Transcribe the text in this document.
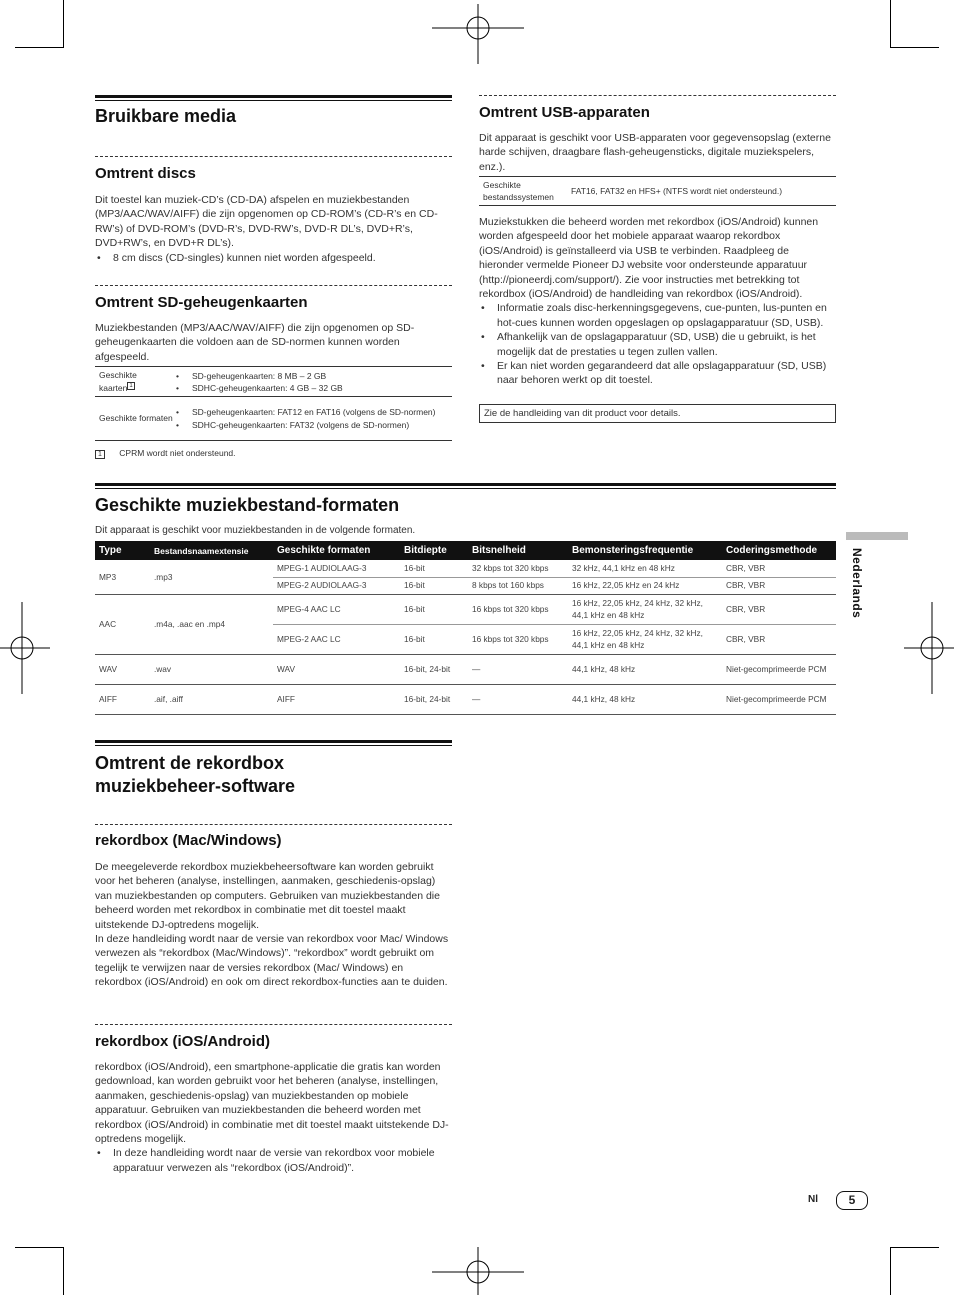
Bruikbare media
Omtrent discs

Dit toestel kan muziek-CD’s (CD-DA) afspelen en muziekbestanden (MP3/AAC/WAV/AIFF) die zijn opgenomen op CD-ROM’s (CD-R’s en CD-RW’s) of DVD-ROM’s (DVD-R’s, DVD-RW’s, DVD-R DL’s, DVD+R’s, DVD+RW’s, en DVD+R DL’s).

• 8 cm discs (CD-singles) kunnen niet worden afgespeeld.

Omtrent SD-geheugenkaarten

Muziekbestanden (MP3/AAC/WAV/AIFF) die zijn opgenomen op SD-geheugenkaarten die voldoen aan de SD-normen kunnen worden afgespeeld.

Geschikte kaarten $^1$	• SD-geheugenkaarten: 8 MB – 2 GB
• SDHC-geheugenkaarten: 4 GB – 32 GB

Geschikte formaten	• SD-geheugenkaarten: FAT12 en FAT16 (volgens de SD-normen)
• SDHC-geheugenkaarten: FAT32 (volgens de SD-normen)
1 CPRM wordt niet ondersteund.
Omtrent USB-apparaten

Dit apparaat is geschikt voor USB-apparaten voor gegevensopslag (externe harde schijven, draagbare flash-geheugensticks, digitale muziekspelers, enz.).

Geschikte bestandssystemen	FAT16, FAT32 en HFS+ (NTFS wordt niet ondersteund.)

Muziekstukken die beheerd worden met rekordbox (iOS/Android) kunnen worden afgespeeld door het mobiele apparaat waarop rekordbox (iOS/Android) is geïnstalleerd via USB te verbinden. Raadpleeg de hieronder vermelde Pioneer DJ website voor ondersteunde apparatuur (http://pioneerdj.com/support/). Zie voor instructies met betrekking tot rekordbox (iOS/Android) de handleiding van rekordbox (iOS/Android).

• Informatie zoals disc-herkenningsgegevens, cue-punten, lus-punten en hot-cues kunnen worden opgeslagen op opslagapparatuur (SD, USB).

• Afhankelijk van de opslagapparatuur (SD, USB) die u gebruikt, is het mogelijk dat de prestaties u tegen zullen vallen.

• Er kan niet worden gegarandeerd dat alle opslagapparatuur (SD, USB) naar behoren werkt op dit toestel.

Zie de handleiding van dit product voor details.
Geschikte muziekbestand-formaten

Dit apparaat is geschikt voor muziekbestanden in de volgende formaten.

Type	Bestandsnaamextensie	Geschikte formaten	Bitdiepte	Bitsnelheid	Bemonsteringsfrequentie	Coderingsmethode
MP3	.mp3	MPEG-1 AUDIOLAAG-3	16-bit	32 kbps tot 320 kbps	32 kHz, 44,1 kHz en 48 kHz	CBR, VBR
		MPEG-2 AUDIOLAAG-3	16-bit	8 kbps tot 160 kbps	16 kHz, 22,05 kHz en 24 kHz	CBR, VBR
AAC	.m4a, .aac en .mp4	MPEG-4 AAC LC	16-bit	16 kbps tot 320 kbps	16 kHz, 22,05 kHz, 24 kHz, 32 kHz, 44,1 kHz en 48 kHz	CBR, VBR
		MPEG-2 AAC LC	16-bit	16 kbps tot 320 kbps	16 kHz, 22,05 kHz, 24 kHz, 32 kHz, 44,1 kHz en 48 kHz	CBR, VBR
WAV	.wav	WAV	16-bit, 24-bit	—	44,1 kHz, 48 kHz	Niet-gecomprimeerde PCM
AIFF	.aif, .aiff	AIFF	16-bit, 24-bit	—	44,1 kHz, 48 kHz	Niet-gecomprimeerde PCM
Omtrent de rekordbox
muziekbeheer-software
rekordbox (Mac/Windows)

De meegeleverde rekordbox muziekbeheersoftware kan worden gebruikt voor het beheren (analyse, instellingen, aanmaken, geschiedenis-opslag) van muziekbestanden op computers. Gebruiken van muziekbestanden die beheerd worden met rekordbox in combinatie met dit toestel maakt uitstekende DJ-optredens mogelijk.

In deze handleiding wordt naar de versie van rekordbox voor Mac/ Windows verwezen als “rekordbox (Mac/Windows)”. “rekordbox” wordt gebruikt om tegelijk te verwijzen naar de versies rekordbox (Mac/ Windows) en rekordbox (iOS/Android) en ook om direct rekordbox-functies aan te duiden.

rekordbox (iOS/Android)

rekordbox (iOS/Android), een smartphone-applicatie die gratis kan worden gedownload, kan worden gebruikt voor het beheren (analyse, instellingen, aanmaken, geschiedenis-opslag) van muziekbestanden op mobiele apparatuur. Gebruiken van muziekbestanden die beheerd worden met rekordbox (iOS/Android) in combinatie met dit toestel maakt uitstekende DJ-optredens mogelijk.

• In deze handleiding wordt naar de versie van rekordbox voor mobiele apparatuur verwezen als “rekordbox (iOS/Android)”.

Nederlands
Nl	5
